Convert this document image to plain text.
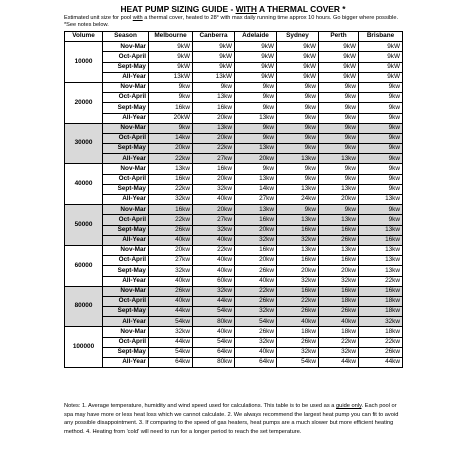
HEAT PUMP SIZING GUIDE - WITH A THERMAL COVER *
Estimated unit size for pool with a thermal cover, heated to 28° with max daily running time approx 10 hours. Go bigger where possible. *See notes below.
Volume	Season	Melbourne	Canberra	Adelaide	Sydney	Perth	Brisbane
10000	Nov-Mar	9kW	9kW	9kW	9kW	9kW	9kW
	Oct-April	9kW	9kW	9kW	9kW	9kW	9kW
	Sept-May	9kW	9kW	9kW	9kW	9kW	9kW
	All-Year	13kW	13kW	9kW	9kW	9kW	9kW
20000	Nov-Mar	9kw	9kw	9kw	9kw	9kw	9kw
	Oct-April	9kw	13kw	9kw	9kw	9kw	9kw
	Sept-May	16kw	16kw	9kw	9kw	9kw	9kw
	All-Year	20kW	20kw	13kw	9kw	9kw	9kw
30000	Nov-Mar	9kw	13kw	9kw	9kw	9kw	9kw
	Oct-April	14kw	20kw	9kw	9kw	9kw	9kw
	Sept-May	20kw	22kw	13kw	9kw	9kw	9kw
	All-Year	22kw	27kw	20kw	13kw	13kw	9kw
40000	Nov-Mar	13kw	16kw	9kw	9kw	9kw	9kw
	Oct-April	16kw	20kw	13kw	9kw	9kw	9kw
	Sept-May	22kw	32kw	14kw	13kw	13kw	9kw
	All-Year	32kw	40kw	27kw	24kw	20kw	13kw
50000	Nov-Mar	16kw	20kw	13kw	9kw	9kw	9kw
	Oct-April	22kw	27kw	16kw	13kw	13kw	9kw
	Sept-May	26kw	32kw	20kw	16kw	16kw	13kw
	All-Year	40kw	40kw	32kw	32kw	26kw	16kw
60000	Nov-Mar	20kw	22kw	16kw	13kw	13kw	13kw
	Oct-April	27kw	40kw	20kw	16kw	16kw	13kw
	Sept-May	32kw	40kw	26kw	20kw	20kw	13kw
	All-Year	40kw	60kw	40kw	32kw	32kw	22kw
80000	Nov-Mar	26kw	32kw	22kw	16kw	16kw	16kw
	Oct-April	40kw	44kw	26kw	22kw	18kw	18kw
	Sept-May	44kw	54kw	32kw	26kw	26kw	18kw
	All-Year	54kw	80kw	54kw	40kw	40kw	32kw
100000	Nov-Mar	32kw	40kw	26kw	18kw	18kw	18kw
	Oct-April	44kw	54kw	32kw	26kw	22kw	22kw
	Sept-May	54kw	64kw	40kw	32kw	32kw	26kw
	All-Year	64kw	80kw	64kw	54kw	44kw	44kw
Notes: 1. Average temperature, humidity and wind speed used for calculations. This table is to be used as a guide only. Each pool or spa may have more or less heat loss which we cannot calculate. 2. We always recommend the largest heat pump you can fit to avoid any possible disappointment. 3. If comparing to the speed of gas heaters, heat pumps are a much slower but more efficient heating method. 4. Heating from 'cold' will need to run for a longer period to reach the set temperature.
